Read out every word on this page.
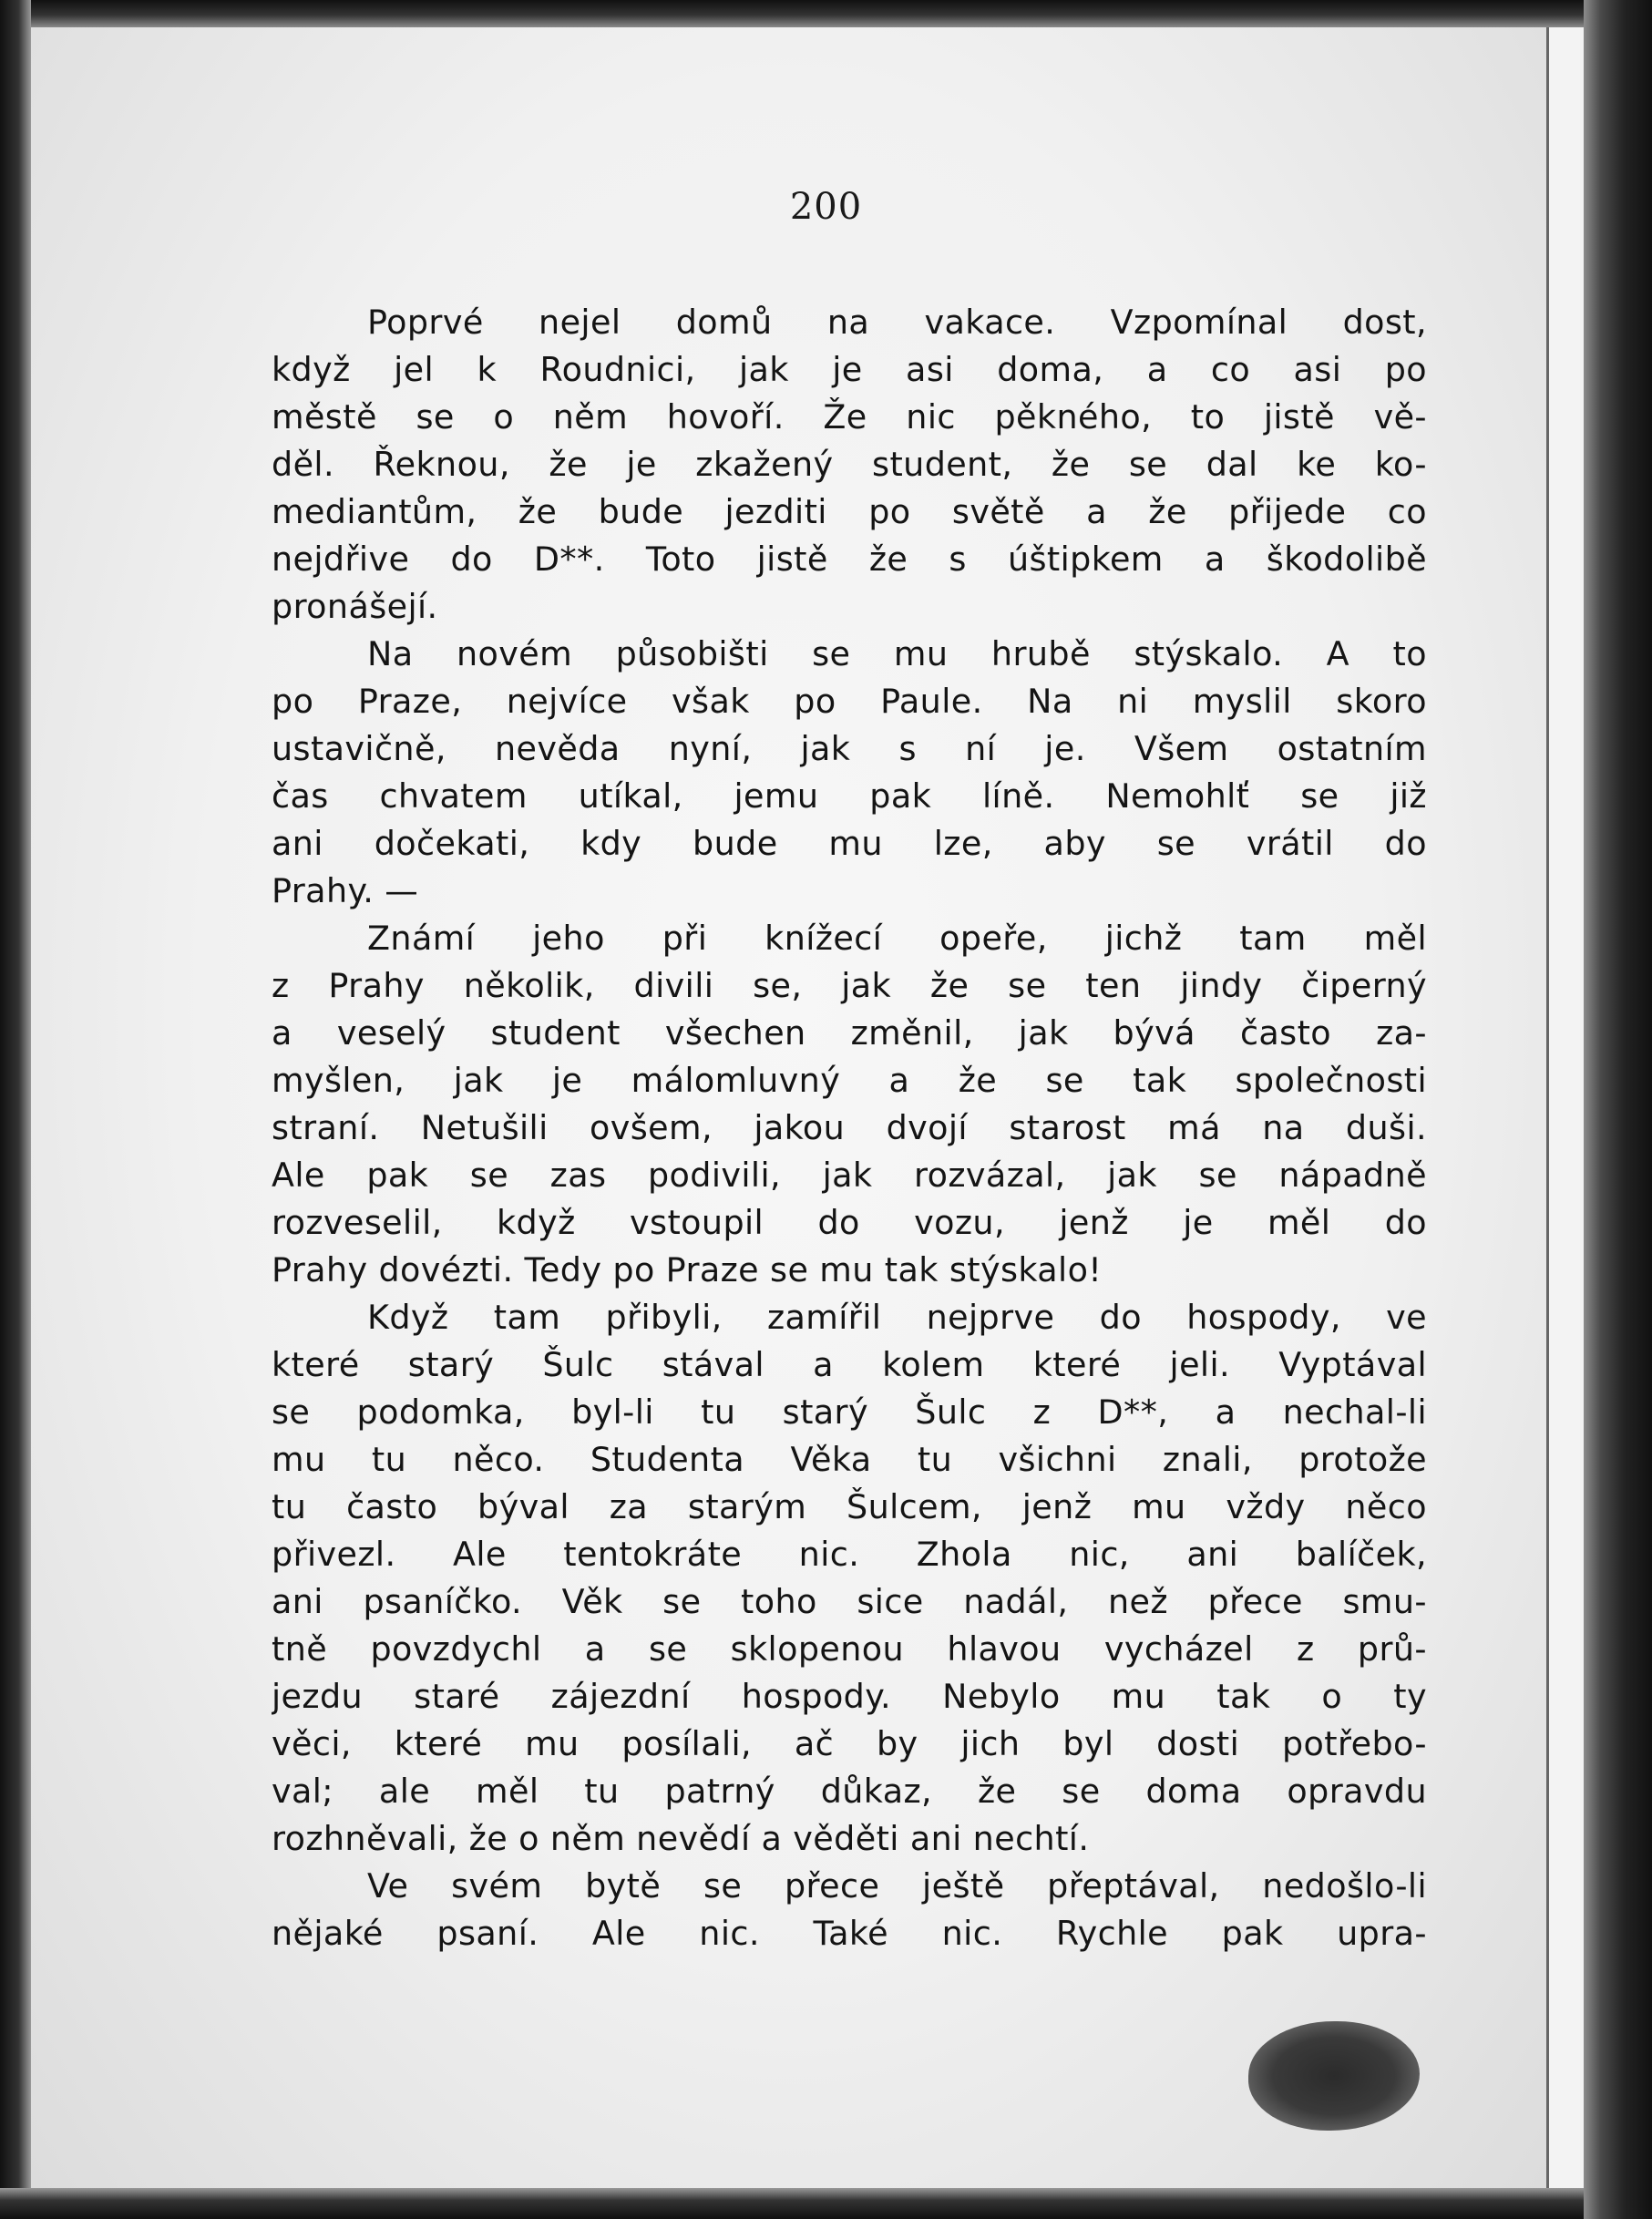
200
Poprvé nejel domů na vakace. Vzpomínal dost,
když jel k Roudnici, jak je asi doma, a co asi po
městě se o něm hovoří. Že nic pěkného, to jistě vě-
děl. Řeknou, že je zkažený student, že se dal ke ko-
mediantům, že bude jezditi po světě a že přijede co
nejdřive do D**. Toto jistě že s úštipkem a škodolibě
pronášejí.
Na novém působišti se mu hrubě stýskalo. A to
po Praze, nejvíce však po Paule. Na ni myslil skoro
ustavičně, nevěda nyní, jak s ní je. Všem ostatním
čas chvatem utíkal, jemu pak líně. Nemohlť se již
ani dočekati, kdy bude mu lze, aby se vrátil do
Prahy. —
Známí jeho při knížecí opeře, jichž tam měl
z Prahy několik, divili se, jak že se ten jindy čiperný
a veselý student všechen změnil, jak bývá často za-
myšlen, jak je málomluvný a že se tak společnosti
straní. Netušili ovšem, jakou dvojí starost má na duši.
Ale pak se zas podivili, jak rozvázal, jak se nápadně
rozveselil, když vstoupil do vozu, jenž je měl do
Prahy dovézti. Tedy po Praze se mu tak stýskalo!
Když tam přibyli, zamířil nejprve do hospody, ve
které starý Šulc stával a kolem které jeli. Vyptával
se podomka, byl-li tu starý Šulc z D**, a nechal-li
mu tu něco. Studenta Věka tu všichni znali, protože
tu často býval za starým Šulcem, jenž mu vždy něco
přivezl. Ale tentokráte nic. Zhola nic, ani balíček,
ani psaníčko. Věk se toho sice nadál, než přece smu-
tně povzdychl a se sklopenou hlavou vycházel z prů-
jezdu staré zájezdní hospody. Nebylo mu tak o ty
věci, které mu posílali, ač by jich byl dosti potřebo-
val; ale měl tu patrný důkaz, že se doma opravdu
rozhněvali, že o něm nevědí a věděti ani nechtí.
Ve svém bytě se přece ještě přeptával, nedošlo-li
nějaké psaní. Ale nic. Také nic. Rychle pak upra-
